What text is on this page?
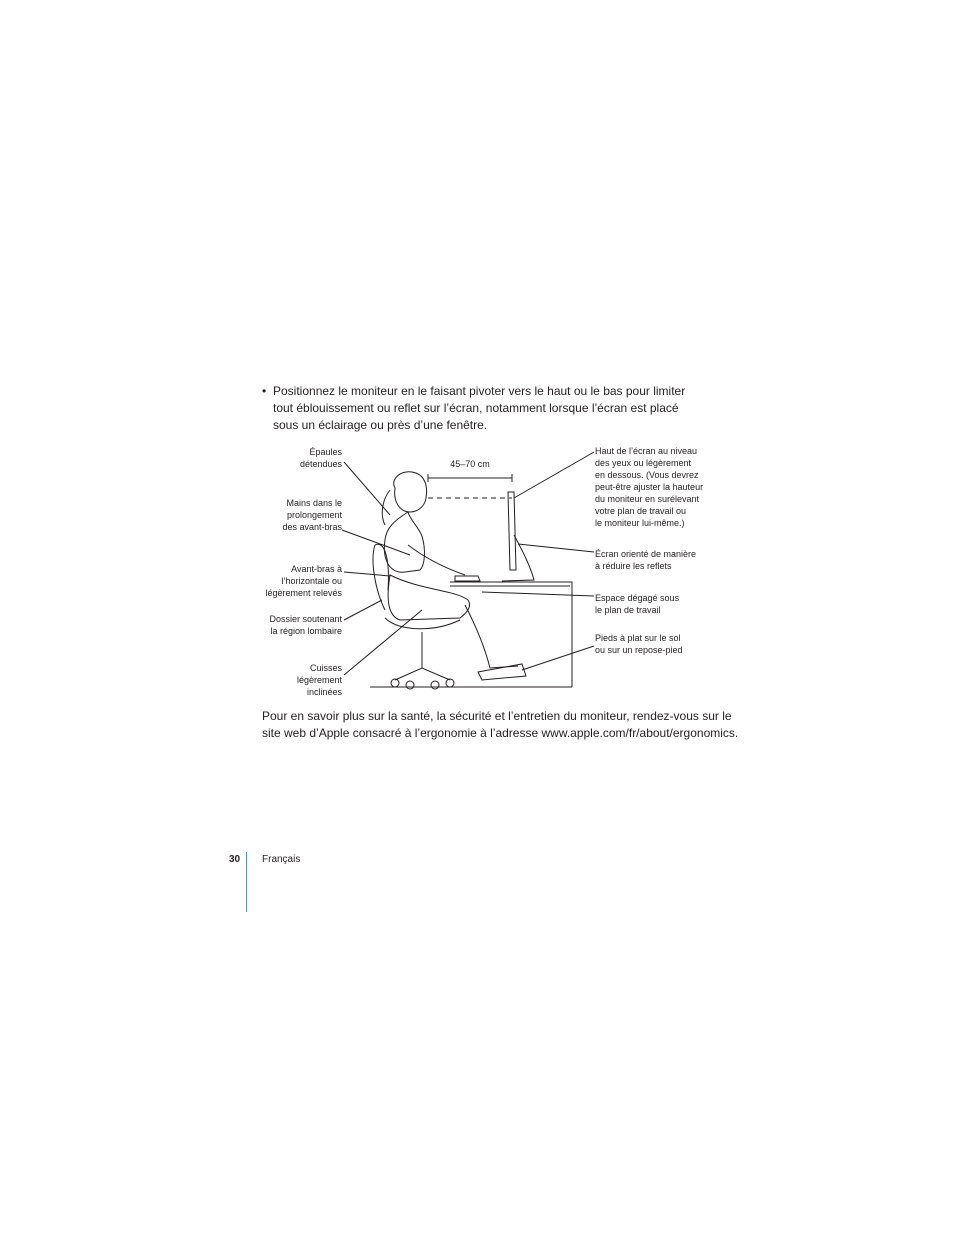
• Positionnez le moniteur en le faisant pivoter vers le haut ou le bas pour limiter
tout éblouissement ou reflet sur l’écran, notamment lorsque l’écran est placé
sous un éclairage ou près d’une fenêtre.
45–70 cm
Épaules
détendues
Mains dans le
prolongement
des avant-bras
Avant-bras à
l’horizontale ou
légèrement relevés
Dossier soutenant
la région lombaire
Cuisses
légèrement
inclinées
Haut de l’écran au niveau
des yeux ou légèrement
en dessous. (Vous devrez
peut-être ajuster la hauteur
du moniteur en surélevant
votre plan de travail ou
le moniteur lui-même.)
Écran orienté de manière
à réduire les reflets
Espace dégagé sous
le plan de travail
Pieds à plat sur le sol
ou sur un repose-pied
Pour en savoir plus sur la santé, la sécurité et l’entretien du moniteur, rendez-vous sur le
site web d’Apple consacré à l’ergonomie à l’adresse www.apple.com/fr/about/ergonomics.
30 Français
